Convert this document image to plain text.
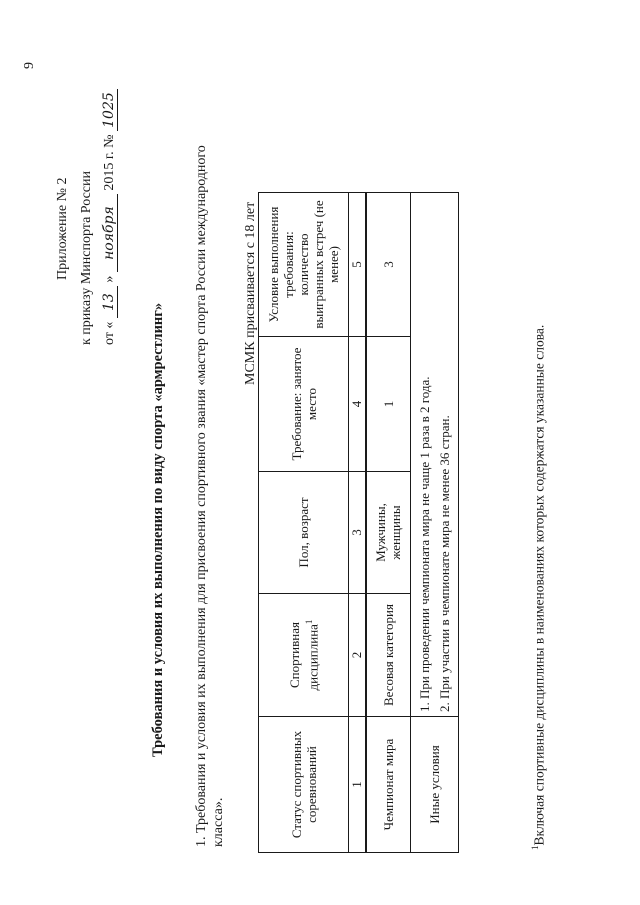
9
Приложение № 2 к приказу Минспорта России от « 13 » ноября 2015 г. № 1025
Требования и условия их выполнения по виду спорта «армрестлинг» 1. Требования и условия их выполнения для присвоения спортивного звания «мастер спорта России международного класса».
МСМК присваивается с 18 лет
Статус спортивных соревнований	Спортивная дисциплина$^1$	Пол, возраст	Требование: занятое место	Условие выполнения требования: количество выигранных встреч (не менее)
1	2	3	4	5
Чемпионат мира	Весовая категория	Мужчины, женщины	1	3
Иные условия	1. При проведении чемпионата мира не чаще 1 раза в 2 года. 2. При участии в чемпионате мира не менее 36 стран.			
$^1$Включая спортивные дисциплины в наименованиях которых содержатся указанные слова.
